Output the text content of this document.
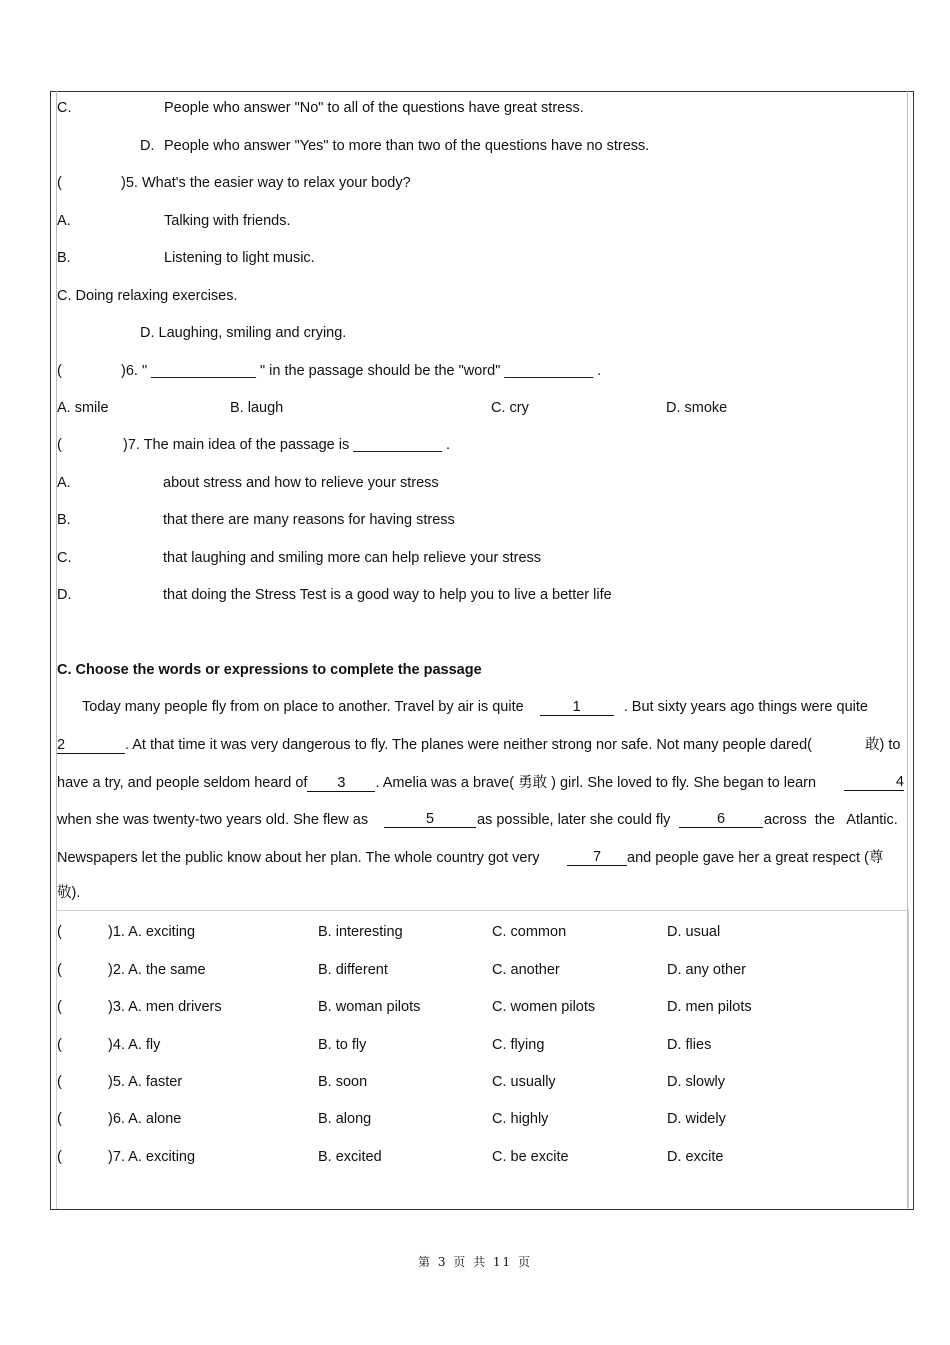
C.	People who answer "No" to all of the questions have great stress.
D. People who answer "Yes" to more than two of the questions have no stress.
(	)5. What's the easier way to relax your body?
A.	Talking with friends.
B.	Listening to light music.
C. Doing relaxing exercises.
D. Laughing, smiling and crying.
(	)6. " _____________ " in the passage should be the "word" ___________ .
A. smile	B. laugh	C. cry	D. smoke
(	)7. The main idea of the passage is ___________ .
A.	about stress and how to relieve your stress
B.	that there are many reasons for having stress
C.	that laughing and smiling more can help relieve your stress
D.	that doing the Stress Test is a good way to help you to live a better life
C. Choose the words or expressions to complete the passage
Today many people fly from on place to another. Travel by air is quite	1	. But sixty years ago things were quite
2	. At that time it was very dangerous to fly. The planes were neither strong nor safe. Not many people dared(	敢) to
have a try, and people seldom heard of 3 . Amelia was a brave( 勇敢 ) girl. She loved to fly. She began to learn	4
when she was twenty-two years old. She flew as	5	as possible, later she could fly	6	across  the   Atlantic.
Newspapers let the public know about her plan. The whole country got very	7	and people gave her a great respect (尊
敬).
(	)1. A. exciting	B. interesting	C. common	D. usual
(	)2. A. the same	B. different	C. another	D. any other
(	)3. A. men drivers	B. woman pilots	C. women pilots	D. men pilots
(	)4. A. fly	B. to fly	C. flying	D. flies
(	)5. A. faster	B. soon	C. usually	D. slowly
(	)6. A. alone	B. along	C. highly	D. widely
(	)7. A. exciting	B. excited	C. be excite	D. excite
第 3 页 共 11 页
